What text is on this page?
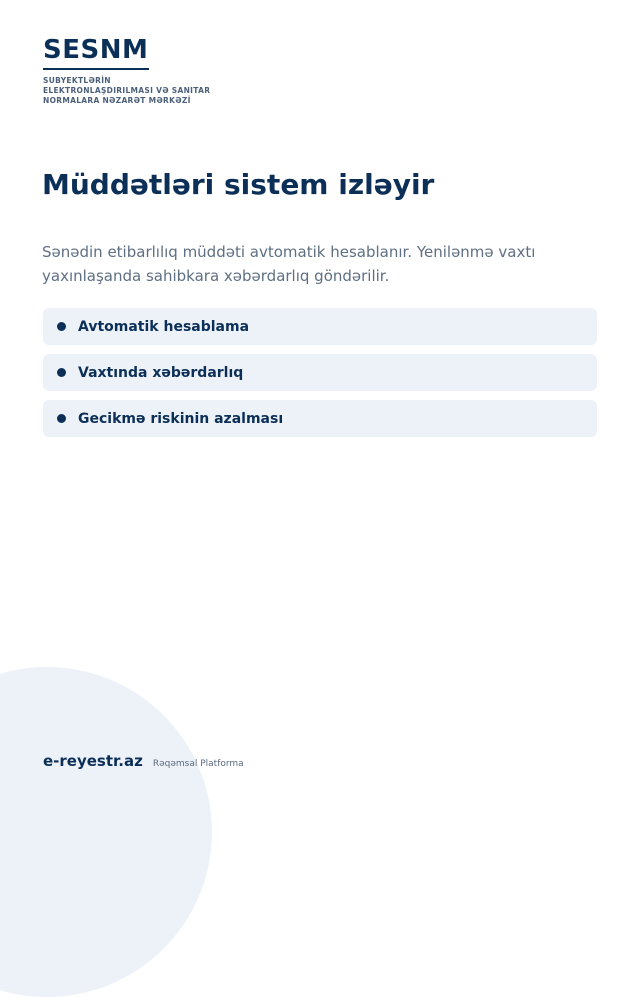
SESNM
SUBYEKTLƏRİN
ELEKTRONLAŞDIRILMASI VƏ SANITAR
NORMALARA NƏZARƏT MƏRKƏZİ
Müddətləri sistem izləyir

Sənədin etibarlılıq müddəti avtomatik hesablanır. Yenilənmə vaxtı yaxınlaşanda sahibkara xəbərdarlıq göndərilir.

Avtomatik hesablama
Vaxtında xəbərdarlıq
Gecikmə riskinin azalması
e-reyestr.az Rəqəmsal Platforma
